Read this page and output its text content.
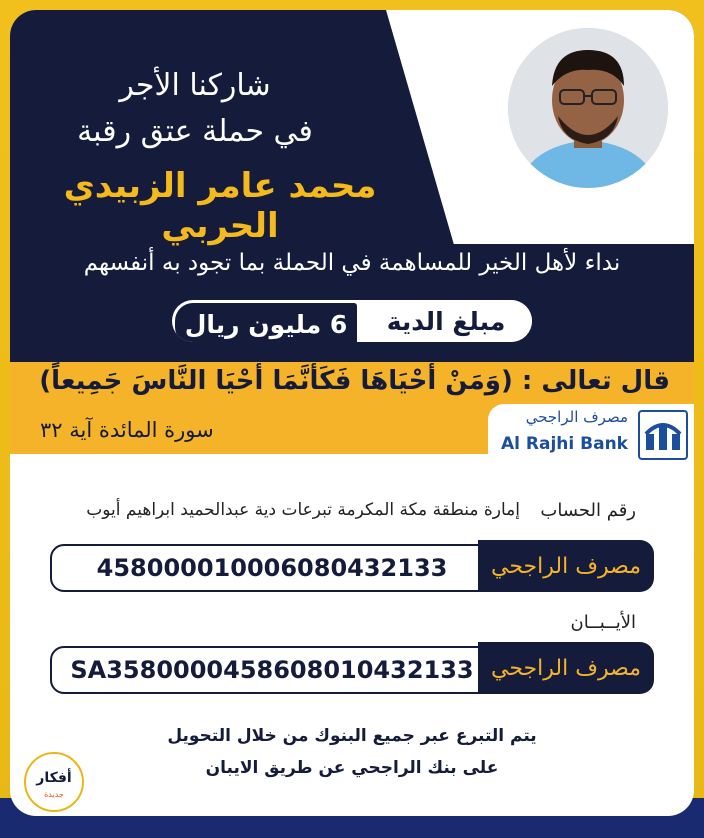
شاركنا الأجر
في حملة عتق رقبة
محمد عامر الزبيدي الحربي
نداء لأهل الخير للمساهمة في الحملة بما تجود به أنفسهم
مبلغ الدية
6 مليون ريال
قال تعالى : (وَمَنْ أَحْيَاهَا فَكَأَنَّمَا أَحْيَا النَّاسَ جَمِيعاً)
سورة المائدة آية ٣٢
مصرف الراجحي
Al Rajhi Bank
رقم الحساب
إمارة منطقة مكة المكرمة تبرعات دية عبدالحميد ابراهيم أيوب
458000010006080432133	مصرف الراجحي
الأيــبــان
SA3580000458608010432133 مصرف الراجحي
يتم التبرع عبر جميع البنوك من خلال التحويل
على بنك الراجحي عن طريق الايبان
أفكار
جديدة
